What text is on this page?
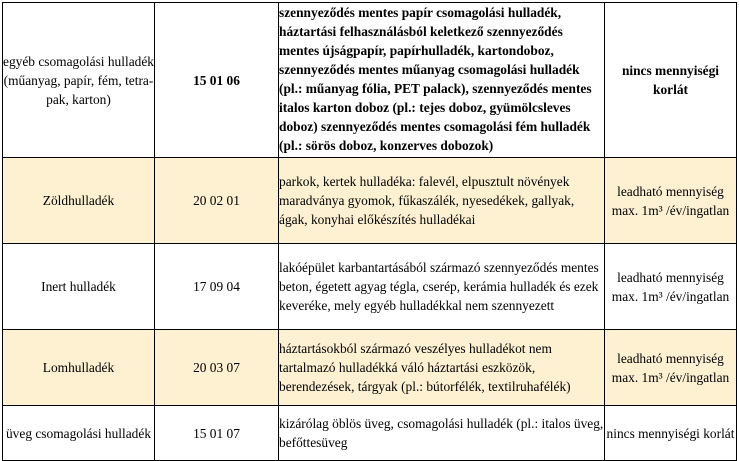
egyéb csomagolási hulladék (műanyag, papír, fém, tetra-pak, karton)	15 01 06	szennyeződés mentes papír csomagolási hulladék, háztartási felhasználásból keletkező szennyeződés mentes újságpapír, papírhulladék, kartondoboz, szennyeződés mentes műanyag csomagolási hulladék (pl.: műanyag fólia, PET palack), szennyeződés mentes italos karton doboz (pl.: tejes doboz, gyümölcsleves doboz) szennyeződés mentes csomagolási fém hulladék (pl.: sörös doboz, konzerves dobozok)	nincs mennyiségi korlát
Zöldhulladék	20 02 01	parkok, kertek hulladéka: falevél, elpusztult növények maradványa gyomok, fűkaszálék, nyesedékek, gallyak, ágak, konyhai előkészítés hulladékai	leadható mennyiség max. 1m³ /év/ingatlan
Inert hulladék	17 09 04	lakóépület karbantartásából származó szennyeződés mentes beton, égetett agyag tégla, cserép, kerámia hulladék és ezek keveréke, mely egyéb hulladékkal nem szennyezett	leadható mennyiség max. 1m³ /év/ingatlan
Lomhulladék	20 03 07	háztartásokból származó veszélyes hulladékot nem tartalmazó hulladékká váló háztartási eszközök, berendezések, tárgyak (pl.: bútorfélék, textilruhafélék)	leadható mennyiség max. 1m³ /év/ingatlan
üveg csomagolási hulladék	15 01 07	kizárólag öblös üveg, csomagolási hulladék (pl.: italos üveg, befőttesüveg	nincs mennyiségi korlát
